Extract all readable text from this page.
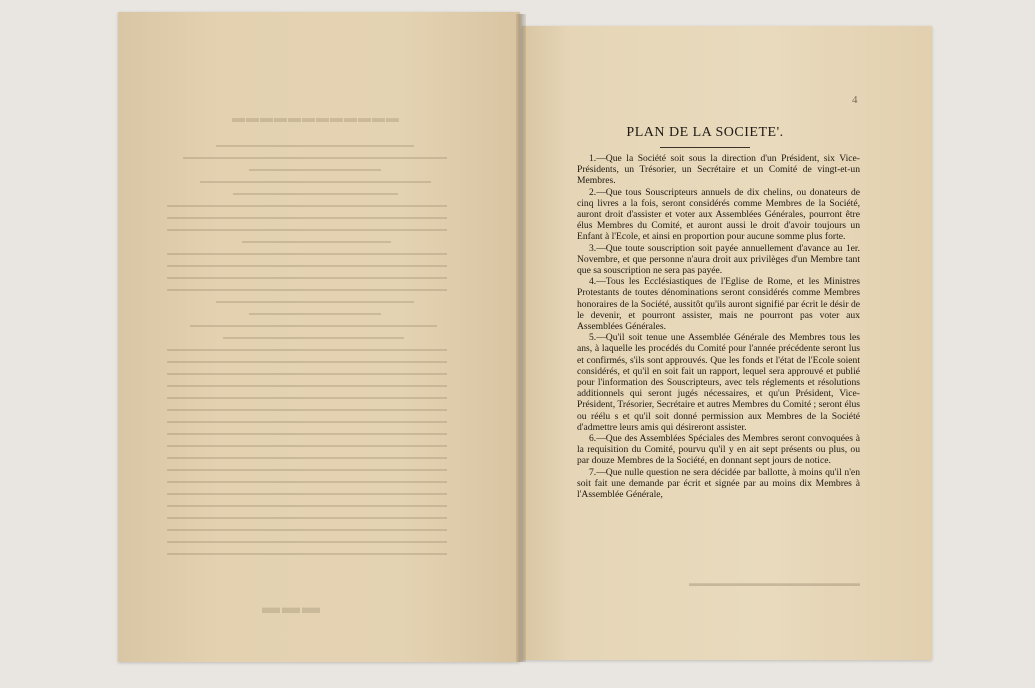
▬▬▬▬▬▬▬▬▬▬▬▬
▬▬▬
4
PLAN DE LA SOCIETE'.

1.—Que la Société soit sous la direction d'un Président, six Vice-Présidents, un Trésorier, un Secrétaire et un Comité de vingt-et-un Membres.

2.—Que tous Souscripteurs annuels de dix chelins, ou donateurs de cinq livres a la fois, seront considérés comme Membres de la Société, auront droit d'assister et voter aux Assemblées Générales, pourront être élus Membres du Comité, et auront aussi le droit d'avoir toujours un Enfant à l'Ecole, et ainsi en proportion pour aucune somme plus forte.

3.—Que toute souscription soit payée annuellement d'avance au 1er. Novembre, et que personne n'aura droit aux privilèges d'un Membre tant que sa souscription ne sera pas payée.

4.—Tous les Ecclésiastiques de l'Eglise de Rome, et les Ministres Protestants de toutes dénominations seront considérés comme Membres honoraires de la Société, aussitôt qu'ils auront signifié par écrit le désir de le devenir, et pourront assister, mais ne pourront pas voter aux Assemblées Générales.

5.—Qu'il soit tenue une Assemblée Générale des Membres tous les ans, à laquelle les procédés du Comité pour l'année précédente seront lus et confirmés, s'ils sont approuvés. Que les fonds et l'état de l'Ecole soient considérés, et qu'il en soit fait un rapport, lequel sera approuvé et publié pour l'information des Souscripteurs, avec tels réglements et résolutions additionnels qui seront jugés nécessaires, et qu'un Président, Vice-Président, Trésorier, Secrétaire et autres Membres du Comité ; seront élus ou réélu s et qu'il soit donné permission aux Membres de la Société d'admettre leurs amis qui désireront assister.

6.—Que des Assemblées Spéciales des Membres seront convoquées à la requisition du Comité, pourvu qu'il y en ait sept présents ou plus, ou par douze Membres de la Société, en donnant sept jours de notice.

7.—Que nulle question ne sera décidée par ballotte, à moins qu'il n'en soit fait une demande par écrit et signée par au moins dix Membres à l'Assemblée Générale,

▬▬▬▬▬▬▬▬▬▬▬▬▬▬▬▬▬▬▬
